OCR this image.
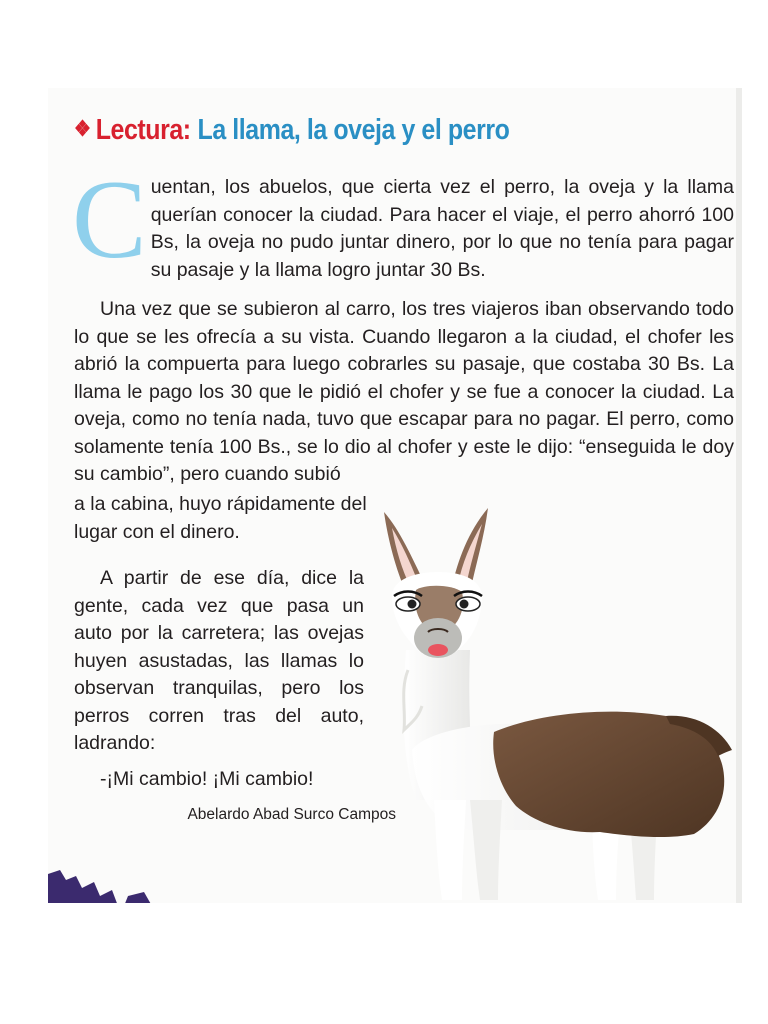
❖ Lectura: La llama, la oveja y el perro

Cuentan, los abuelos, que cierta vez el perro, la oveja y la llama querían conocer la ciudad. Para hacer el viaje, el perro ahorró 100 Bs, la oveja no pudo juntar dinero, por lo que no tenía para pagar su pasaje y la llama logro juntar 30 Bs.

Una vez que se subieron al carro, los tres viajeros iban observando todo lo que se les ofrecía a su vista. Cuando llegaron a la ciudad, el chofer les abrió la compuerta para luego cobrarles su pasaje, que costaba 30 Bs. La llama le pago los 30 que le pidió el chofer y se fue a conocer la ciudad. La oveja, como no tenía nada, tuvo que escapar para no pagar. El perro, como solamente tenía 100 Bs., se lo dio al chofer y este le dijo: “enseguida le doy su cambio”, pero cuando subió

a la cabina, huyo rápidamente del lugar con el dinero.

A partir de ese día, dice la gente, cada vez que pasa un auto por la carretera; las ovejas huyen asustadas, las llamas lo observan tranquilas, pero los perros corren tras del auto, ladrando:

-¡Mi cambio! ¡Mi cambio!

Abelardo Abad Surco Campos
